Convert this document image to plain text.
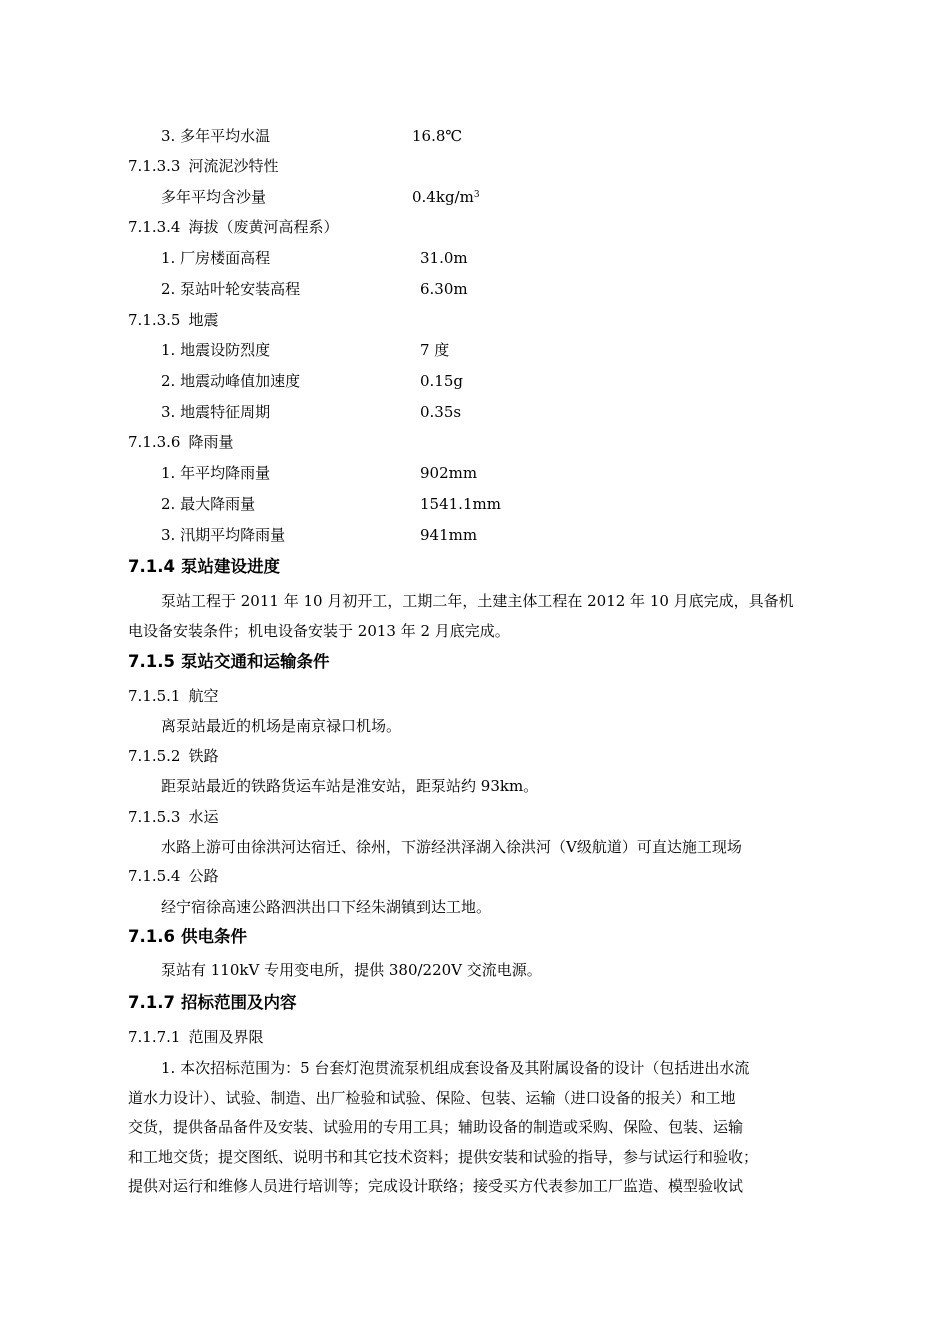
3. 多年平均水温	16.8℃
7.1.3.3 河流泥沙特性
多年平均含沙量	$0.4kg/m^3$
7.1.3.4 海拔（废黄河高程系）
1. 厂房楼面高程	31.0m
2. 泵站叶轮安装高程	6.30m
7.1.3.5 地震
1. 地震设防烈度	7 度
2. 地震动峰值加速度	0.15g
3. 地震特征周期	0.35s
7.1.3.6 降雨量
1. 年平均降雨量	902mm
2. 最大降雨量	1541.1mm
3. 汛期平均降雨量	941mm
7.1.4 泵站建设进度
泵站工程于 2011 年 10 月初开工，工期二年，土建主体工程在 2012 年 10 月底完成，具备机
电设备安装条件；机电设备安装于 2013 年 2 月底完成。
7.1.5 泵站交通和运输条件
7.1.5.1 航空
离泵站最近的机场是南京禄口机场。
7.1.5.2 铁路
距泵站最近的铁路货运车站是淮安站，距泵站约 93km。
7.1.5.3 水运
水路上游可由徐洪河达宿迁、徐州，下游经洪泽湖入徐洪河（Ⅴ级航道）可直达施工现场
7.1.5.4 公路
经宁宿徐高速公路泗洪出口下经朱湖镇到达工地。
7.1.6 供电条件
泵站有 110kV 专用变电所，提供 380/220V 交流电源。
7.1.7 招标范围及内容
7.1.7.1 范围及界限
1. 本次招标范围为：5 台套灯泡贯流泵机组成套设备及其附属设备的设计（包括进出水流
道水力设计）、试验、制造、出厂检验和试验、保险、包装、运输（进口设备的报关）和工地
交货，提供备品备件及安装、试验用的专用工具；辅助设备的制造或采购、保险、包装、运输
和工地交货；提交图纸、说明书和其它技术资料；提供安装和试验的指导，参与试运行和验收；
提供对运行和维修人员进行培训等；完成设计联络；接受买方代表参加工厂监造、模型验收试
